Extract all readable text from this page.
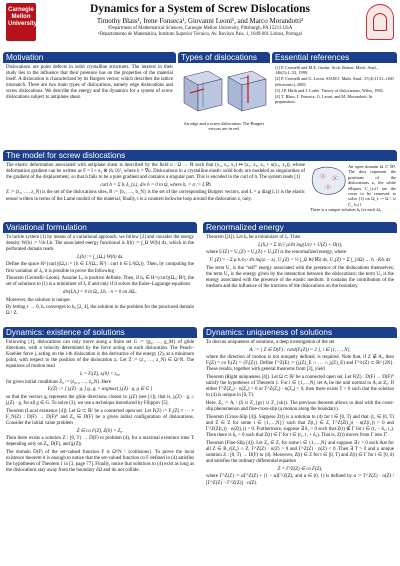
Carnegie Mellon University
Dynamics for a System of Screw Dislocations
Timothy Blass¹, Irene Fonseca¹, Giovanni Leoni¹, and Marco Morandotti²
¹Department of Mathematical Sciences, Carnegie Mellon University, Pittsburgh, PA 15213 USA
²Departamento de Matemática, Instituto Superior Técnico, Av. Rovisco Pais, 1, 1049-001 Lisboa, Portugal
Motivation
Dislocations are point defects in solid crystalline structures. The interest in their study lies in the influence that their presence has on the properties of the material itself. A dislocation is characterized by its Burgers vector, which describes the lattice mismatch. There are two main types of dislocations, namely edge dislocations and screw dislocations. We describe the energy and the dynamics for a system of screw dislocations subject to antiplane shear.
Types of dislocations
An edge and a screw dislocation. The Burgers vectors are in red.
Essential references
[1] P. Cermelli and M.E. Gurtin. Arch. Ration. Mech. Anal., 146(1):1–52, 1999.
[2] P. Cermelli and G. Leoni. SIAM J. Math. Anal., 37(4):1131–1160 (electronic), 2005.
[3] J.P. Hirth and J. Lothe. Theory of dislocations. Wiley, 1982.
[4] T. Blass, I. Fonseca, G. Leoni, and M. Morandotti. In preparation.
The model for screw dislocations

The elastic deformation associated with antiplane shear is described by the field u : Ω → ℝ such that (x₁, x₂, x₃) ↦ (x₁, x₂, x₃ + u(x₁, x₂)), whose deformation gradient can be written as F = I + e₃ ⊗ (h, 0)ᵀ, where h = ∇u. Dislocations in a crystalline elastic solid body are modeled as singularities of the gradient of the displacement, so that h fails to be a pure gradient and contains a singular part. This is encoded in the curl of h. The system reads [1]

curl h = Σ bᵢ δ_{zᵢ}, div h = 0 in Ω, where hₑ = σ := L∇h

Z := (z₁, …, z_N) is the set of the dislocations sites, B := {b₁, …, b_N} is the set of the corresponding Burgers vectors, and L = μ diag(1,1) is the elastic tensor written in terms of the Lamé moduli of the material; finally, t is a counterclockwise loop around the dislocation z, only.

An open domain Ω ⊂ ℝ². The dots represent the positions of the dislocations zᵢ, the white ellipses C_{ε,i} are the cores to be removed to solve (1) on Ω_ε := Ω \ ∪ C̄_{ε,i}.
There is a unique solution hₑ for each Ωₑ.
Variational formulation

To tackle system (1) by means of a variational approach, we follow [2] and consider the energy density W(h) := ½h·Lh. The associated energy functional is J(h) := ∫_Ω W(h) dx, which in the perforated domain reads

Jₑ(h) := ∫_{Ωₑ} W(h) dx.

Define the space H^{curl}(Ωₑ) := {h ∈ L²(Ωₑ; ℝ²) : curl h ∈ L²(Ωₑ)}. Then, by computing the first variation of Jₑ, it is possible to prove the following

Theorem (Cermelli–Leoni). Assume Lₑ is positive definite. Then, if hₑ ∈ H^{curl}(Ωₑ; ℝ²), the set of solutions to (1) is a minimizer of Jₑ if and only if it solves the Euler–Lagrange equations

div(Lhₑ) = 0 in Ωₑ, Lhₑ · n = 0 on ∂Ωₑ.

Moreover, the solution is unique.

By letting ε → 0, hₑ converges to h₀ [2, 4], the solution to the problem for the punctured domain Ω \ Z.

Renormalized energy

Theorem ([4]). Let hₑ be a minimizer of Jₑ. Then

Jₑ(hₑ) = Σ |bᵢ|² μ/4π log(1/ε) + U(Z) + O(ε),

where U(Z) = U₁(Z) + U₂(Z) + U₃(Z) is the renormalized energy, where

U₁(Z) = −Σ μ bᵢ·bⱼ / 4π log|zᵢ − zⱼ|, U₂(Z) = ½ ∫_Ω W(∇ũ) dx, U₃(Z) = Σ ∫_{∂Ω} … bᵢ · Kbᵢ dx

The term U₁ is the “self” energy associated with the presence of the dislocations themselves; the term U₂ is the energy given by the interaction between the dislocations; the term U₃ is the energy associated with the presence of the elastic medium: it contains the contribution of the medium and the influence of the tractions of the dislocations on the boundary.

Dynamics: existence of solutions

Following [1], dislocations can only move along a finite set G := {g₁, …, g_M} of glide directions, with a velocity determined by the force acting on each dislocation. The Peach–Koehler force jᵢ acting on the i-th dislocation is the derivative of the energy (2), at a minimum point, with respect to the position of the dislocation zᵢ. Let Z := (z₁, …, z_N) ∈ Ω^N. The equations of motion read

żᵢ = Fᵢ(Z), zᵢ(0) = z₀,ᵢ

for given initial conditions Z₀ := (z₀,₁, …, z₀,N). Here

Fᵢ(Z) := [ jᵢ(Z) · gᵢ ] gᵢ, gᵢ = argmax{ jᵢ(Z) · g, g ∈ G }

so that the vectors gᵢ represent the glide directions closest to jᵢ(Z) (see [1]), that is, jᵢ(Z) · gᵢ ≥ jᵢ(Z) · g, for all g ∈ G. To solve (3), we use a technique introduced by Filippov [5].

Theorem (Local existence [4]). Let Ω ⊂ ℝ² be a connected open set. Let F(Z) := F₁(Z) × ⋯ × F_N(Z) : D(F) → D(F)ᴺ and Z₀ ∈ D(F) be a given initial configuration of dislocations. Consider the initial value problem

Ż ∈ co F(Z), Z(0) = Z₀.

Then there exists a solution Z : [0, T) → D(F) to problem (4), for a maximal existence time T depending only on Z₀, D(F), and |jᵢ(Z)|.

The domain D(F) of the set-valued function F is Ω^N \ {collisions}. To prove the local existence theorem it is enough to notice that the set-valued function co F defined in (4) satisfies the hypotheses of Theorem 1 in [3, page 77]. Finally, notice that solutions to (4) exist as long as the dislocations stay away from the boundary ∂Ω and do not collide.

Dynamics: uniqueness of solutions

To discuss uniqueness of solutions, a deep investigation of the set

Aᵢ := { Z ∈ D(F) : card(Fᵢ(Z)) = 2 }, i ∈ {1, …, N},

where the direction of motion is not uniquely defined, is required. Note that, if Z ∉ Aᵢ, then Fᵢ(Z) = co Fᵢ(Z) = {Fᵢ(Z)}. Define Γ^Z(E) := (jᵢ(Z)_E ∩ … ∩ jᵢ(Z)_E) and Γ^ℓ(Z) ⊂ ℝ^{2N}. These results, together with general theorems from [3], yield

Theorem (Right uniqueness [4]). Let Ω ⊂ ℝ² be a connected open set. Let F(Z) : D(F) → D(F)ᴺ satisfy the hypotheses of Theorem 1. For i ∈ {1,…,N} let Aᵢ be the unit normal to Aᵢ at Z₀. If either Γ^Z(Z₀) · n(Z₀) > 0 or Γ^Z(Z₀) · n(Z₀) < 0, then there exists T > 0 such that the solution to (4) is unique in [0, T).

Here, Z₀ := Aᵢ \ (S ∪ Z_{gs} ∪ Z_{sk}). The previous theorem allows to deal with the cross-slip phenomenon and fine-cross-slip (a motion along the boundary).

Theorem (Cross-Slip [4]). Suppose Z(t) is a solution to (4) for t ∈ [0, T) and that {t₁ ∈ (0, T) and Z ∈ Z for some i ∈ {1,…,N}} such that Z(t₁) ∈ Z, Γ^Z(Z(t₁)) · n(Z(t₁)) > 0 and Γ^Z(Z(t₁)) · n(Z(t₁)) > 0. Furthermore, suppose ∃ δ₁ > 0 such that Z(t) ∉ Γ for t ∈ (t₁ − δ₁, t₁). Then there is δ₂ > 0 such that Z(t) ∈ Γ for t ∈ (t₁, t₁ + δ₂). That is, Z(t) moves from Γ into Γ̃.

Theorem (Fine-Slip [4]). Let Z₀ ∈ Z, for some i ∈ {1,…,N} and suppose ∃ r > 0 such that for all Z ∈ B_r(Z₀) ∩ Z, Γ^Z(Z) · n(Z) > 0 and Γ^Z(Z) · n(Z) < 0. Then ∃ T > 0 and a unique solution Z : [0, T) → D(F) to (4). Moreover, Z(t) ∈ Z for t ∈ [0, T) and Z(t) ∈ Γ for t ∈ [0, δ) and satisfies the ordinary differential equation

Ż = Γ^Z(Z) ∈ co F(Z),

where Γ^Z(Z) := αΓ^Z(Z) + (1 − α)Γ^Z(Z), and α ∈ (0, 1) is defined by α := Γ^Z(Z) · n(Z) / [Γ^Z(Z) − Γ^Z(Z)] · n(Z).
